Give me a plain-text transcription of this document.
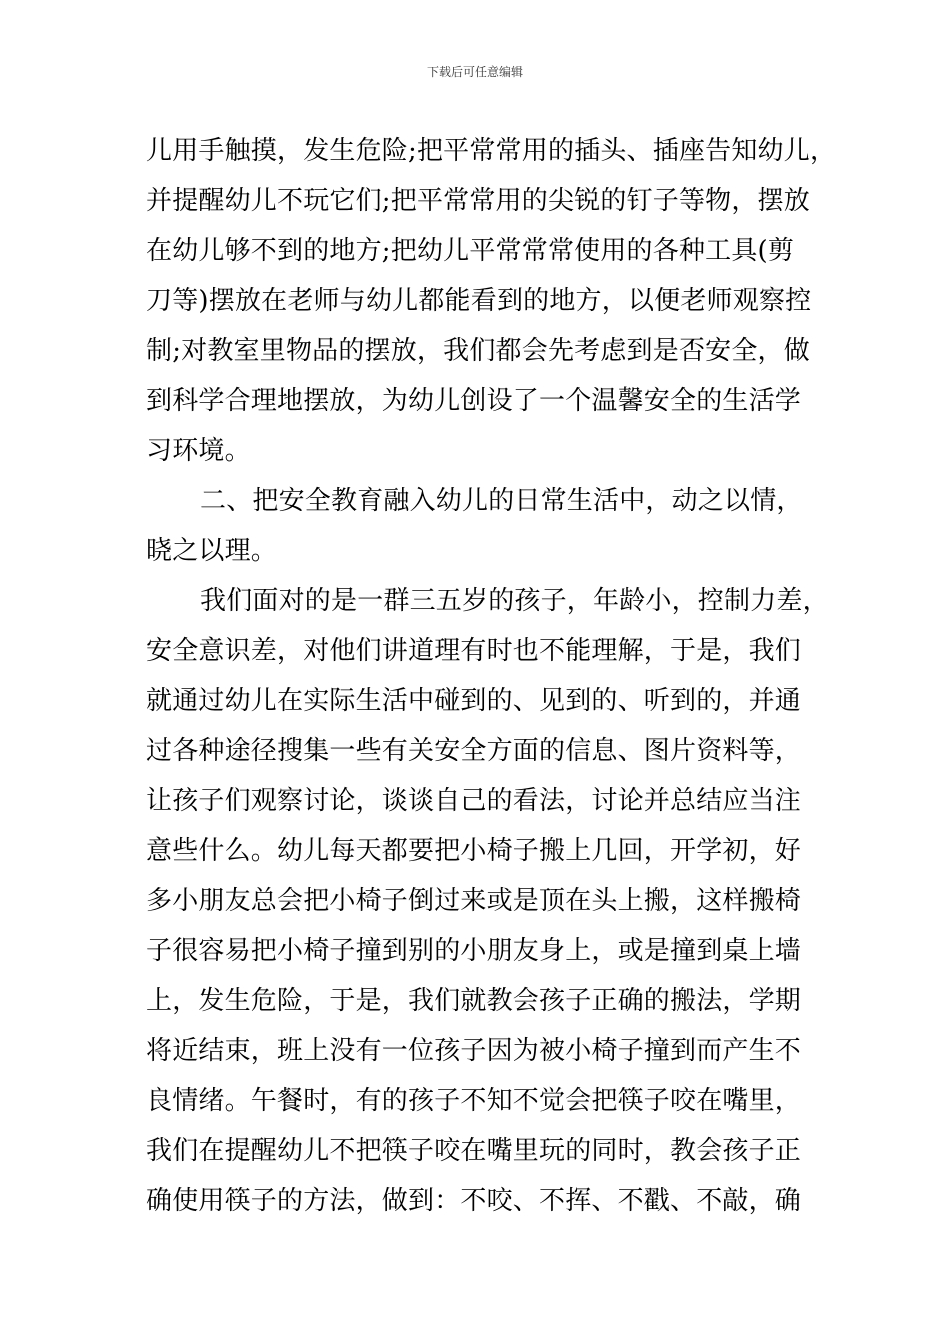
下载后可任意编辑
儿用手触摸，发生危险;把平常常用的插头、插座告知幼儿，
并提醒幼儿不玩它们;把平常常用的尖锐的钉子等物，摆放
在幼儿够不到的地方;把幼儿平常常常使用的各种工具(剪
刀等)摆放在老师与幼儿都能看到的地方，以便老师观察控
制;对教室里物品的摆放，我们都会先考虑到是否安全，做
到科学合理地摆放，为幼儿创设了一个温馨安全的生活学
习环境。
二、把安全教育融入幼儿的日常生活中，动之以情，
晓之以理。
我们面对的是一群三五岁的孩子，年龄小，控制力差，
安全意识差，对他们讲道理有时也不能理解，于是，我们
就通过幼儿在实际生活中碰到的、见到的、听到的，并通
过各种途径搜集一些有关安全方面的信息、图片资料等，
让孩子们观察讨论，谈谈自己的看法，讨论并总结应当注
意些什么。幼儿每天都要把小椅子搬上几回，开学初，好
多小朋友总会把小椅子倒过来或是顶在头上搬，这样搬椅
子很容易把小椅子撞到别的小朋友身上，或是撞到桌上墙
上，发生危险，于是，我们就教会孩子正确的搬法，学期
将近结束，班上没有一位孩子因为被小椅子撞到而产生不
良情绪。午餐时，有的孩子不知不觉会把筷子咬在嘴里，
我们在提醒幼儿不把筷子咬在嘴里玩的同时，教会孩子正
确使用筷子的方法，做到：不咬、不挥、不戳、不敲，确
